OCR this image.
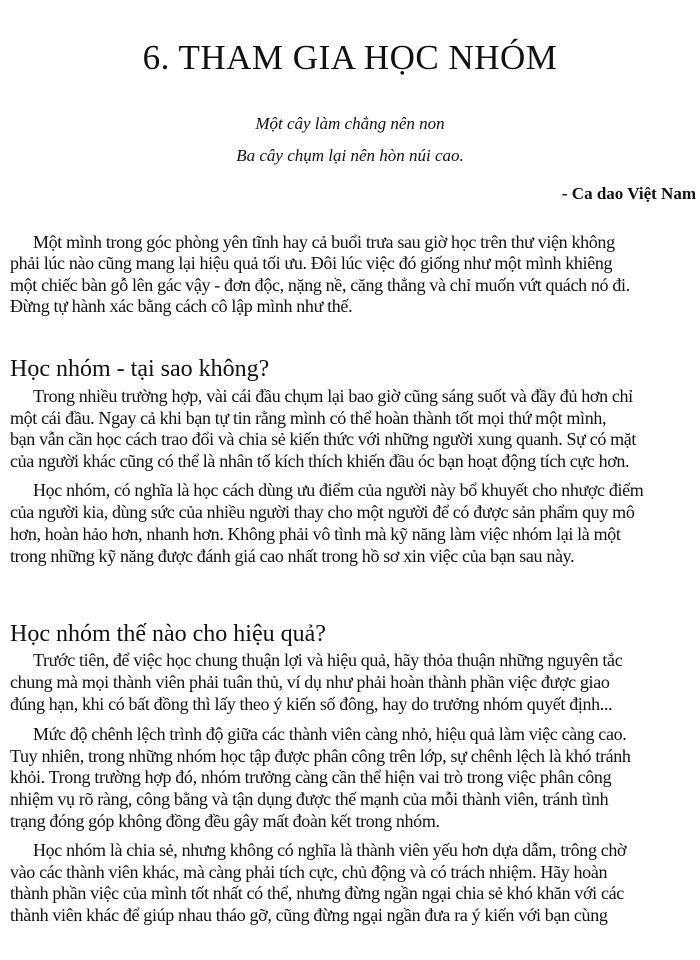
6. THAM GIA HỌC NHÓM
Một cây làm chẳng nên non
Ba cây chụm lại nên hòn núi cao.
- Ca dao Việt Nam
Một mình trong góc phòng yên tĩnh hay cả buổi trưa sau giờ học trên thư viện không
phải lúc nào cũng mang lại hiệu quả tối ưu. Đôi lúc việc đó giống như một mình khiêng
một chiếc bàn gỗ lên gác vậy - đơn độc, nặng nề, căng thẳng và chỉ muốn vứt quách nó đi.
Đừng tự hành xác bằng cách cô lập mình như thế.
Học nhóm - tại sao không?
Trong nhiều trường hợp, vài cái đầu chụm lại bao giờ cũng sáng suốt và đầy đủ hơn chỉ
một cái đầu. Ngay cả khi bạn tự tin rằng mình có thể hoàn thành tốt mọi thứ một mình,
bạn vẫn cần học cách trao đổi và chia sẻ kiến thức với những người xung quanh. Sự có mặt
của người khác cũng có thể là nhân tố kích thích khiến đầu óc bạn hoạt động tích cực hơn.
Học nhóm, có nghĩa là học cách dùng ưu điểm của người này bổ khuyết cho nhược điểm
của người kia, dùng sức của nhiều người thay cho một người để có được sản phẩm quy mô
hơn, hoàn hảo hơn, nhanh hơn. Không phải vô tình mà kỹ năng làm việc nhóm lại là một
trong những kỹ năng được đánh giá cao nhất trong hồ sơ xin việc của bạn sau này.
Học nhóm thế nào cho hiệu quả?
Trước tiên, để việc học chung thuận lợi và hiệu quả, hãy thỏa thuận những nguyên tắc
chung mà mọi thành viên phải tuân thủ, ví dụ như phải hoàn thành phần việc được giao
đúng hạn, khi có bất đồng thì lấy theo ý kiến số đông, hay do trưởng nhóm quyết định...
Mức độ chênh lệch trình độ giữa các thành viên càng nhỏ, hiệu quả làm việc càng cao.
Tuy nhiên, trong những nhóm học tập được phân công trên lớp, sự chênh lệch là khó tránh
khỏi. Trong trường hợp đó, nhóm trưởng càng cần thể hiện vai trò trong việc phân công
nhiệm vụ rõ ràng, công bằng và tận dụng được thế mạnh của mỗi thành viên, tránh tình
trạng đóng góp không đồng đều gây mất đoàn kết trong nhóm.
Học nhóm là chia sẻ, nhưng không có nghĩa là thành viên yếu hơn dựa dẫm, trông chờ
vào các thành viên khác, mà càng phải tích cực, chủ động và có trách nhiệm. Hãy hoàn
thành phần việc của mình tốt nhất có thể, nhưng đừng ngần ngại chia sẻ khó khăn với các
thành viên khác để giúp nhau tháo gỡ, cũng đừng ngại ngần đưa ra ý kiến với bạn cùng
